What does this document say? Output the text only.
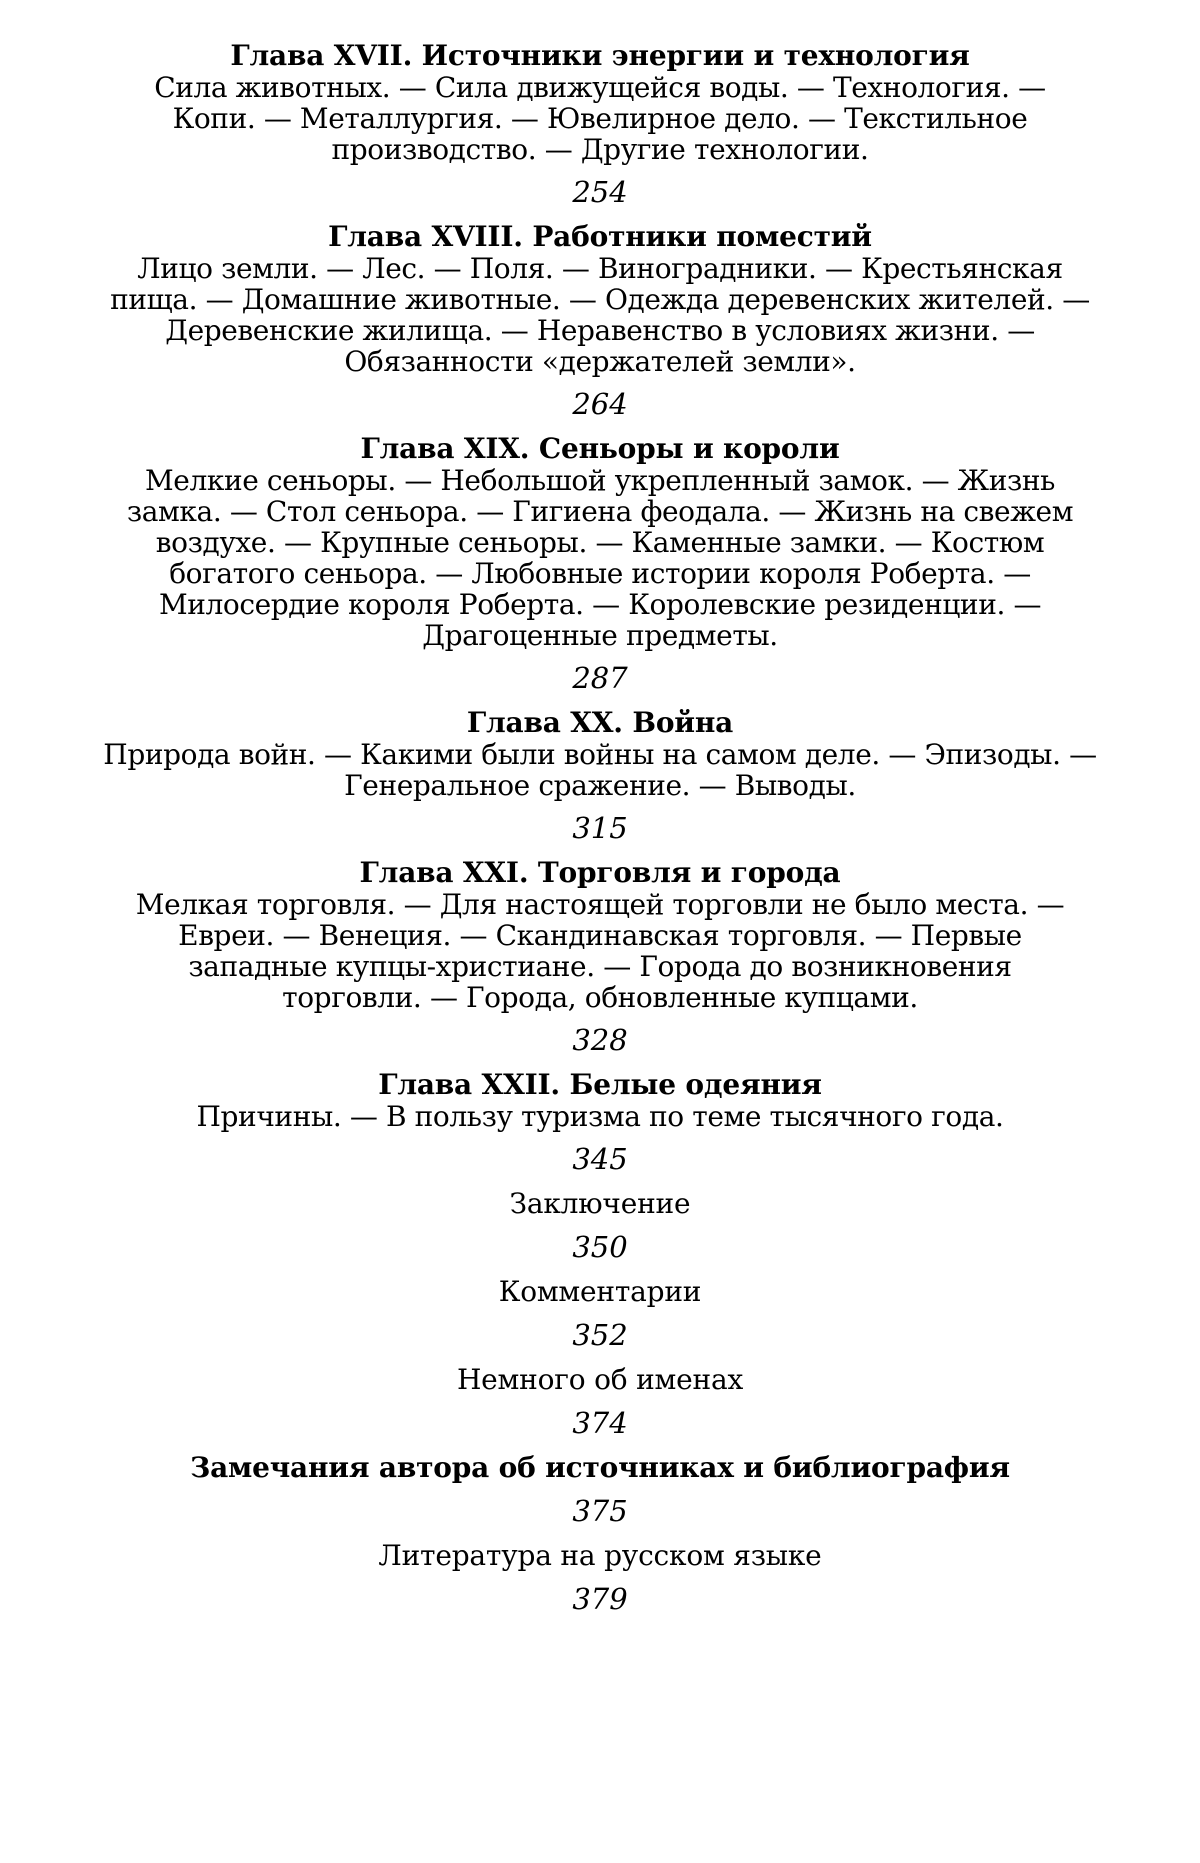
Глава XVII. Источники энергии и технология

Сила животных. — Сила движущейся воды. — Технология. —

Копи. — Металлургия. — Ювелирное дело. — Текстильное

производство. — Другие технологии.

254

Глава XVIII. Работники поместий

Лицо земли. — Лес. — Поля. — Виноградники. — Крестьянская

пища. — Домашние животные. — Одежда деревенских жителей. —

Деревенские жилища. — Неравенство в условиях жизни. —

Обязанности «держателей земли».

264

Глава XIX. Сеньоры и короли

Мелкие сеньоры. — Небольшой укрепленный замок. — Жизнь

замка. — Стол сеньора. — Гигиена феодала. — Жизнь на свежем

воздухе. — Крупные сеньоры. — Каменные замки. — Костюм

богатого сеньора. — Любовные истории короля Роберта. —

Милосердие короля Роберта. — Королевские резиденции. —

Драгоценные предметы.

287

Глава XX. Война

Природа войн. — Какими были войны на самом деле. — Эпизоды. —

Генеральное сражение. — Выводы.

315

Глава XXI. Торговля и города

Мелкая торговля. — Для настоящей торговли не было места. —

Евреи. — Венеция. — Скандинавская торговля. — Первые

западные купцы-христиане. — Города до возникновения

торговли. — Города, обновленные купцами.

328

Глава XXII. Белые одеяния

Причины. — В пользу туризма по теме тысячного года.

345

Заключение

350

Комментарии

352

Немного об именах

374

Замечания автора об источниках и библиография

375

Литература на русском языке

379
